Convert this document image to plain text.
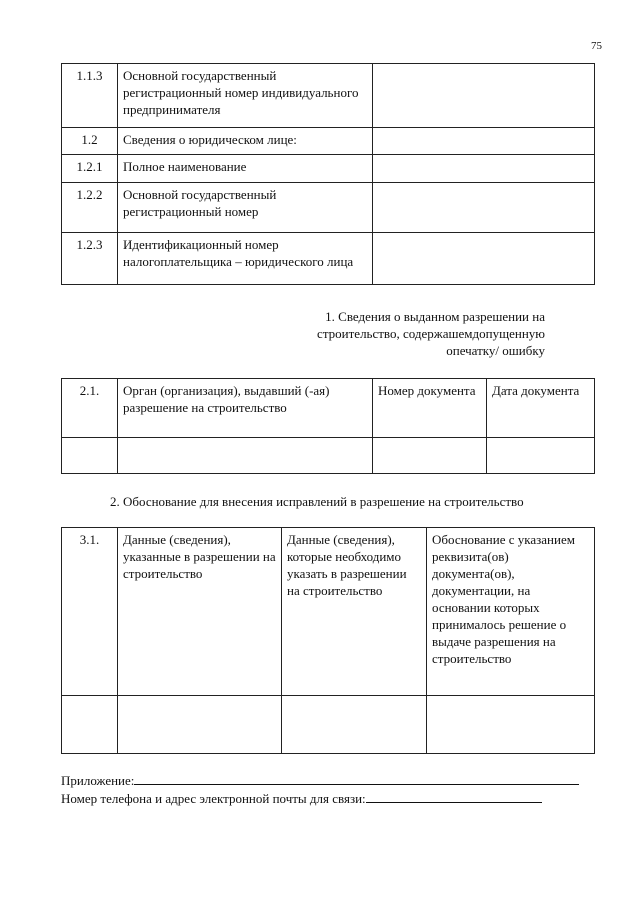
75
1.1.3	Основной государственный регистрационный номер индивидуального предпринимателя	
1.2	Сведения о юридическом лице:	
1.2.1	Полное наименование	
1.2.2	Основной государственный регистрационный номер	
1.2.3	Идентификационный номер налогоплательщика – юридического лица	
1. Сведения о выданном разрешении на строительство, содержашемдопущенную опечатку/ ошибку
2.1.	Орган (организация), выдавший (-ая) разрешение на строительство	Номер документа	Дата документа

2. Обоснование для внесения исправлений в разрешение на строительство
3.1.	Данные (сведения), указанные в разрешении на строительство	Данные (сведения), которые необходимо указать в разрешении на строительство	Обоснование с указанием реквизита(ов) документа(ов), документации, на основании которых принималось решение о выдаче разрешения на строительство

Приложение:
Номер телефона и адрес электронной почты для связи:
